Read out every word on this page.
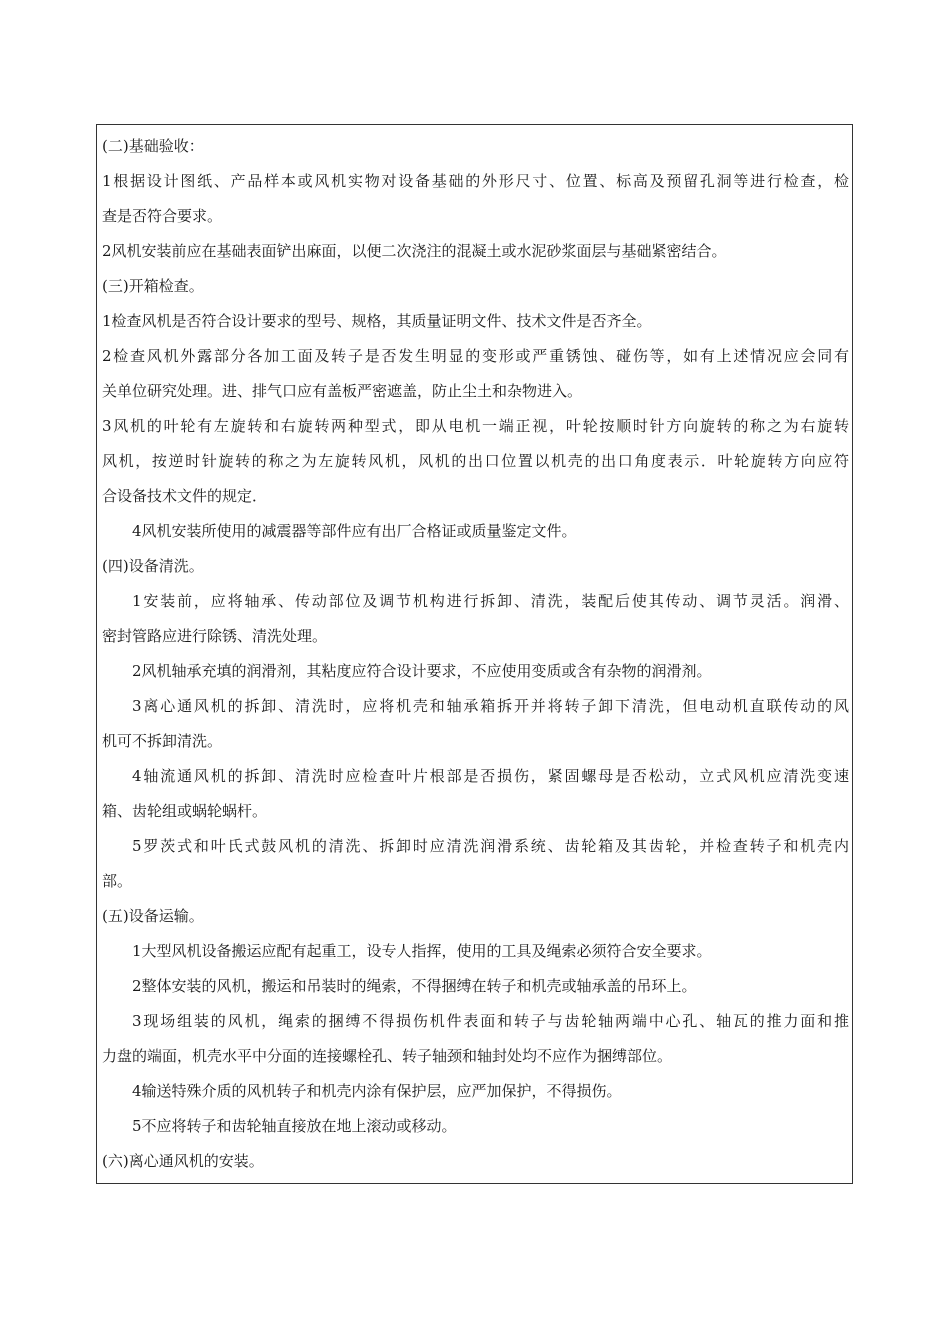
(二)基础验收：
1根据设计图纸、产品样本或风机实物对设备基础的外形尺寸、位置、标高及预留孔洞等进行检查，检
查是否符合要求。
2风机安装前应在基础表面铲出麻面，以便二次浇注的混凝土或水泥砂浆面层与基础紧密结合。
(三)开箱检查。
1检查风机是否符合设计要求的型号、规格，其质量证明文件、技术文件是否齐全。
2检查风机外露部分各加工面及转子是否发生明显的变形或严重锈蚀、碰伤等，如有上述情况应会同有
关单位研究处理。进、排气口应有盖板严密遮盖，防止尘土和杂物进入。
3风机的叶轮有左旋转和右旋转两种型式，即从电机一端正视，叶轮按顺时针方向旋转的称之为右旋转
风机，按逆时针旋转的称之为左旋转风机，风机的出口位置以机壳的出口角度表示．叶轮旋转方向应符
合设备技术文件的规定．
4风机安装所使用的减震器等部件应有出厂合格证或质量鉴定文件。
(四)设备清洗。
1安装前，应将轴承、传动部位及调节机构进行拆卸、清洗，装配后使其传动、调节灵活。润滑、
密封管路应进行除锈、清洗处理。
2风机轴承充填的润滑剂，其粘度应符合设计要求，不应使用变质或含有杂物的润滑剂。
3离心通风机的拆卸、清洗时，应将机壳和轴承箱拆开并将转子卸下清洗，但电动机直联传动的风
机可不拆卸清洗。
4轴流通风机的拆卸、清洗时应检查叶片根部是否损伤，紧固螺母是否松动，立式风机应清洗变速
箱、齿轮组或蜗轮蜗杆。
5罗茨式和叶氏式鼓风机的清洗、拆卸时应清洗润滑系统、齿轮箱及其齿轮，并检查转子和机壳内
部。
(五)设备运输。
1大型风机设备搬运应配有起重工，设专人指挥，使用的工具及绳索必须符合安全要求。
2整体安装的风机，搬运和吊装时的绳索，不得捆缚在转子和机壳或轴承盖的吊环上。
3现场组装的风机，绳索的捆缚不得损伤机件表面和转子与齿轮轴两端中心孔、轴瓦的推力面和推
力盘的端面，机壳水平中分面的连接螺栓孔、转子轴颈和轴封处均不应作为捆缚部位。
4输送特殊介质的风机转子和机壳内涂有保护层，应严加保护，不得损伤。
5不应将转子和齿轮轴直接放在地上滚动或移动。
(六)离心通风机的安装。
